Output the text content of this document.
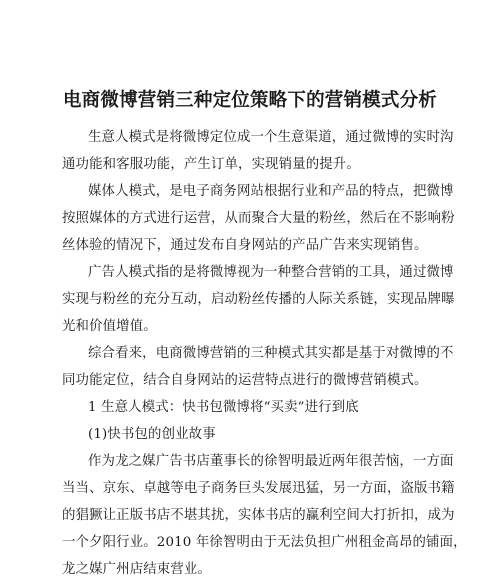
电商微博营销三种定位策略下的营销模式分析
生意人模式是将微博定位成一个生意渠道，通过微博的实时沟
通功能和客服功能，产生订单，实现销量的提升。
媒体人模式，是电子商务网站根据行业和产品的特点，把微博
按照媒体的方式进行运营，从而聚合大量的粉丝，然后在不影响粉
丝体验的情况下，通过发布自身网站的产品广告来实现销售。
广告人模式指的是将微博视为一种整合营销的工具，通过微博
实现与粉丝的充分互动，启动粉丝传播的人际关系链，实现品牌曝
光和价值增值。
综合看来，电商微博营销的三种模式其实都是基于对微博的不
同功能定位，结合自身网站的运营特点进行的微博营销模式。
1 生意人模式：快书包微博将“买卖”进行到底
(1)快书包的创业故事
作为龙之媒广告书店董事长的徐智明最近两年很苦恼，一方面
当当、京东、卓越等电子商务巨头发展迅猛，另一方面，盗版书籍
的猖獗让正版书店不堪其扰，实体书店的赢利空间大打折扣，成为
一个夕阳行业。2010 年徐智明由于无法负担广州租金高昂的铺面，
龙之媒广州店结束营业。
